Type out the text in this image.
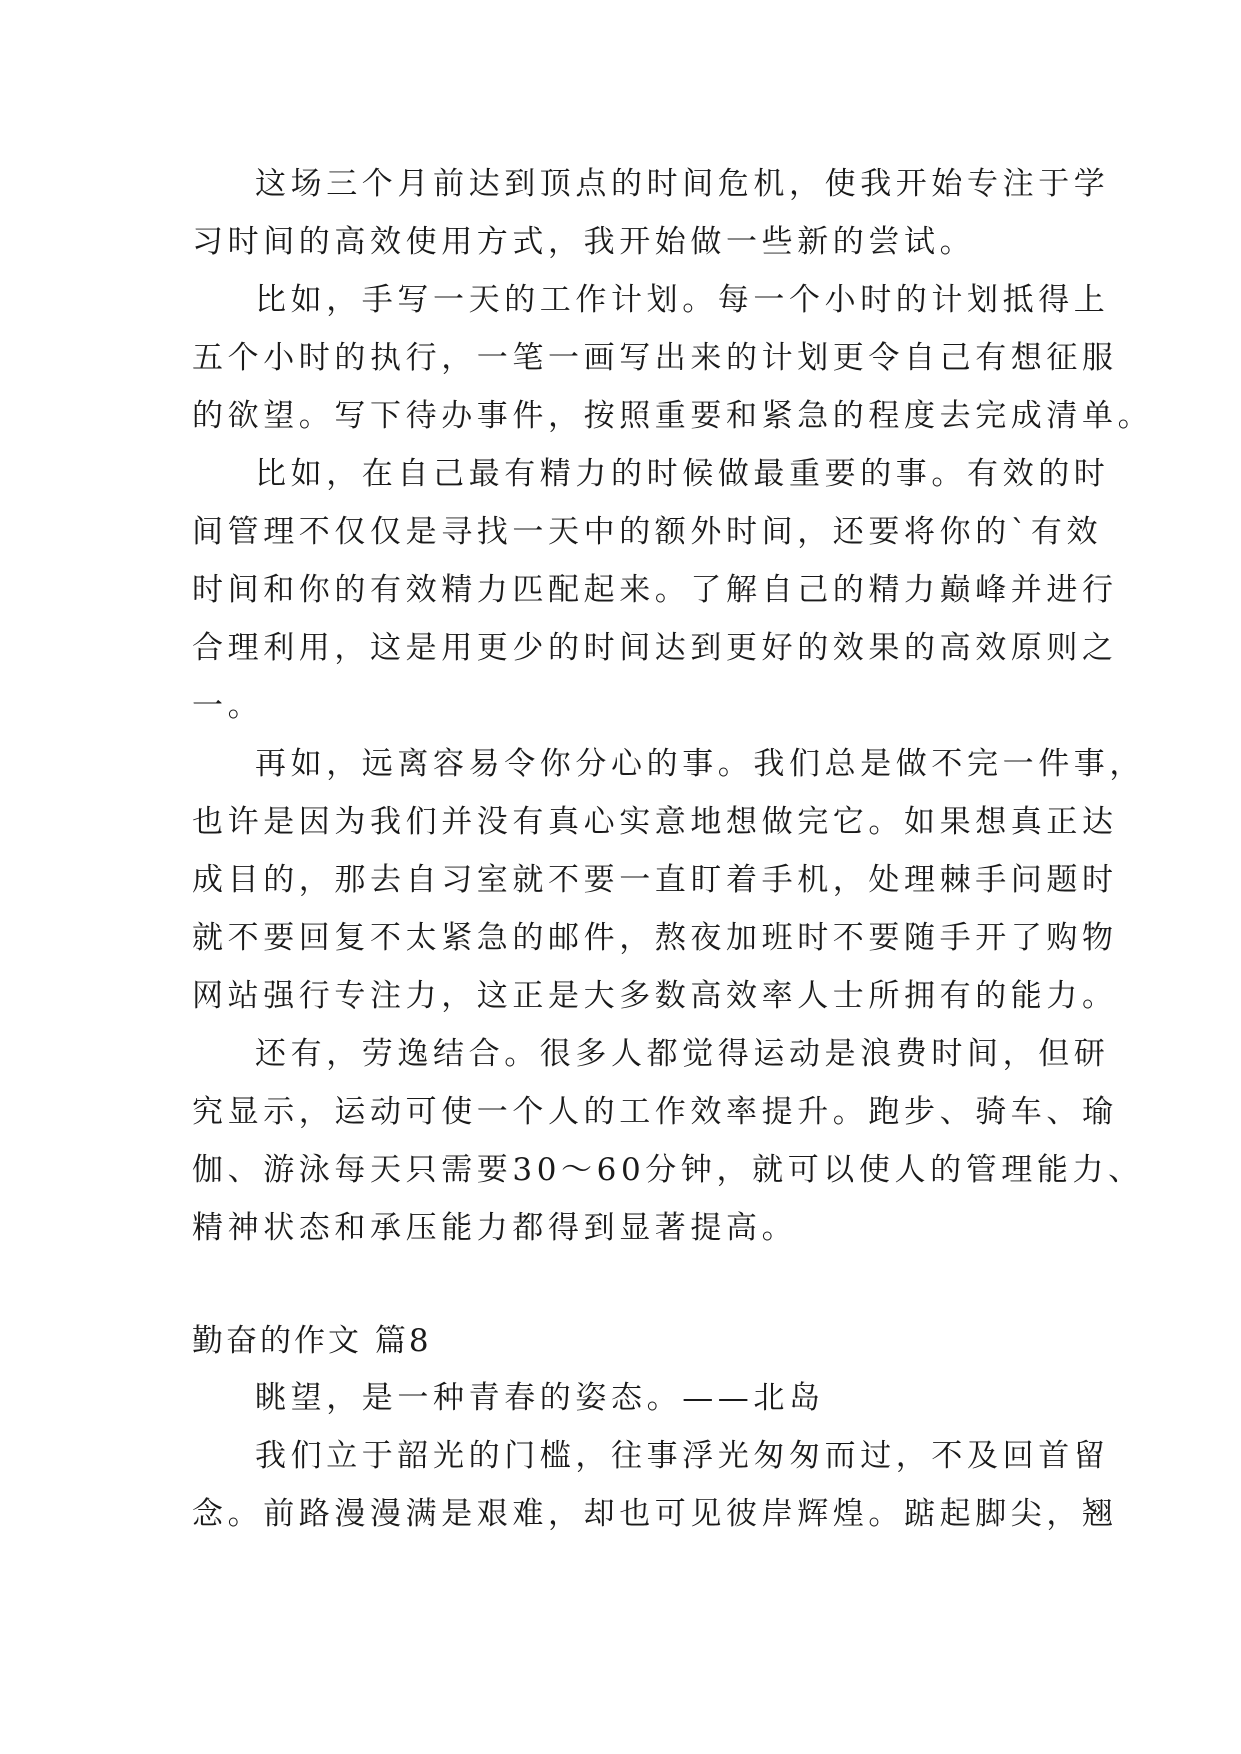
这场三个月前达到顶点的时间危机，使我开始专注于学
习时间的高效使用方式，我开始做一些新的尝试。
比如，手写一天的工作计划。每一个小时的计划抵得上
五个小时的执行，一笔一画写出来的计划更令自己有想征服
的欲望。写下待办事件，按照重要和紧急的程度去完成清单。
比如，在自己最有精力的时候做最重要的事。有效的时
间管理不仅仅是寻找一天中的额外时间，还要将你的`有效
时间和你的有效精力匹配起来。了解自己的精力巅峰并进行
合理利用，这是用更少的时间达到更好的效果的高效原则之
一。
再如，远离容易令你分心的事。我们总是做不完一件事，
也许是因为我们并没有真心实意地想做完它。如果想真正达
成目的，那去自习室就不要一直盯着手机，处理棘手问题时
就不要回复不太紧急的邮件，熬夜加班时不要随手开了购物
网站强行专注力，这正是大多数高效率人士所拥有的能力。
还有，劳逸结合。很多人都觉得运动是浪费时间，但研
究显示，运动可使一个人的工作效率提升。跑步、骑车、瑜
伽、游泳每天只需要30～60分钟，就可以使人的管理能力、
精神状态和承压能力都得到显著提高。
勤奋的作文 篇8
眺望，是一种青春的姿态。——北岛
我们立于韶光的门槛，往事浮光匆匆而过，不及回首留
念。前路漫漫满是艰难，却也可见彼岸辉煌。踮起脚尖，翘
